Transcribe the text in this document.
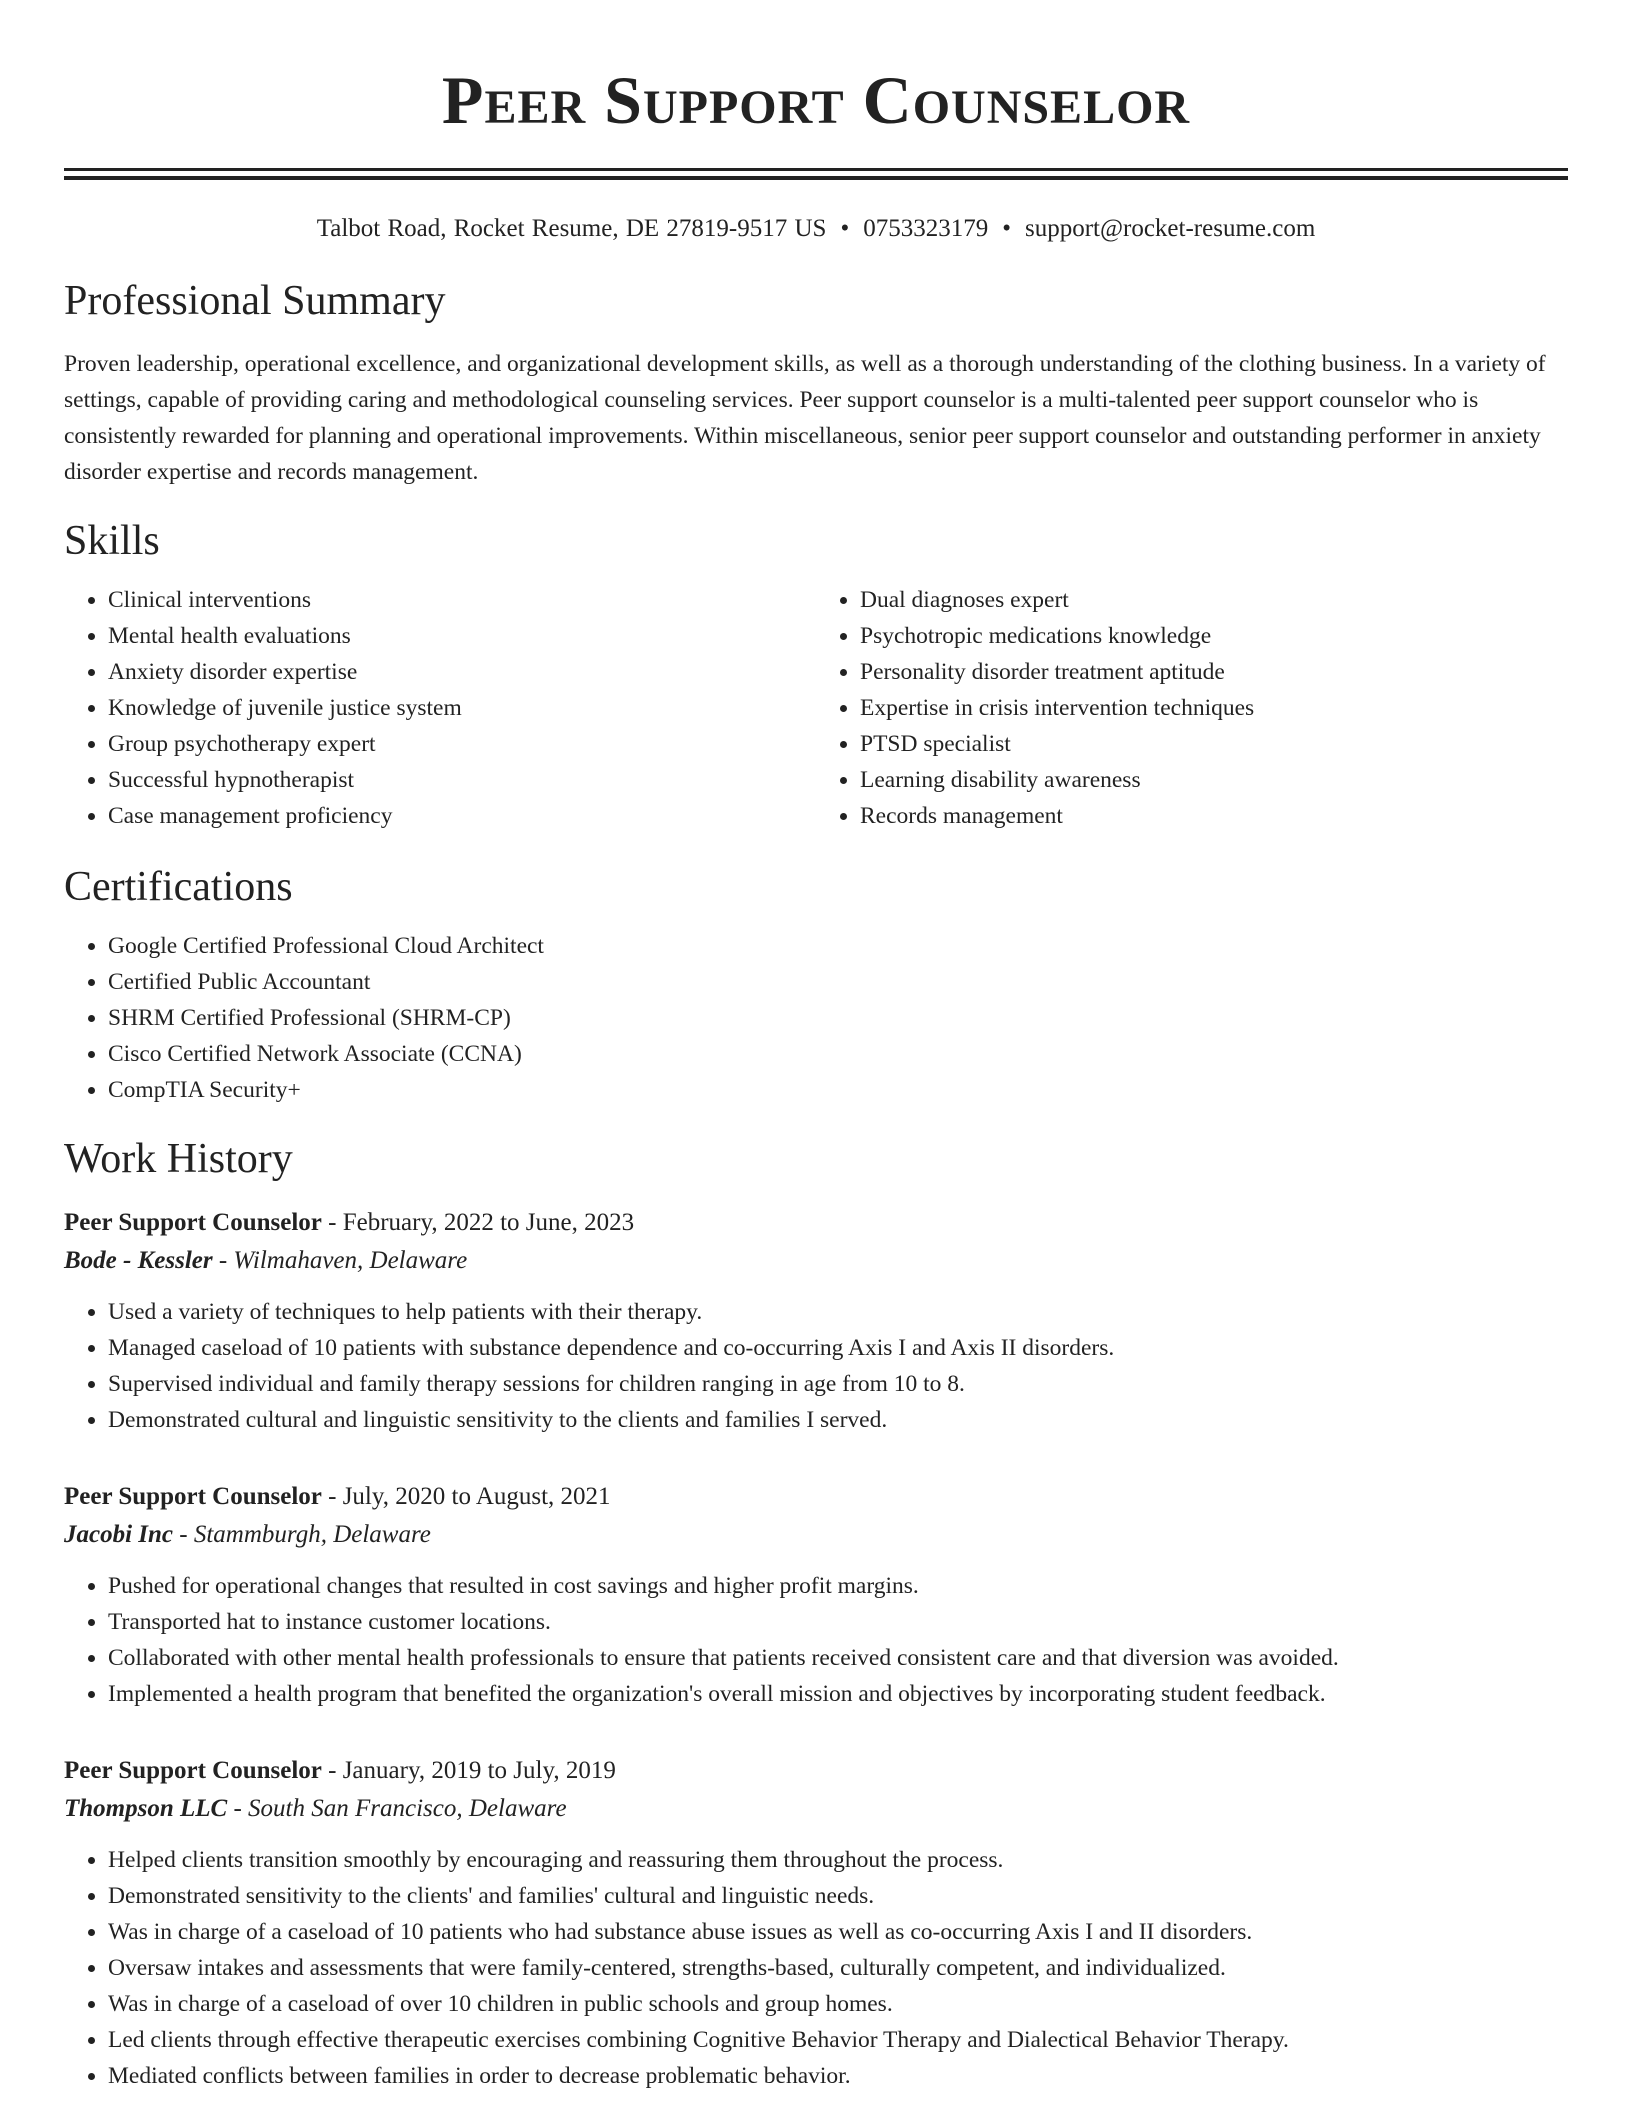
Peer Support Counselor
Talbot Road, Rocket Resume, DE 27819-9517 US • 0753323179 • support@rocket-resume.com
Professional Summary

Proven leadership, operational excellence, and organizational development skills, as well as a thorough understanding of the clothing business. In a variety of settings, capable of providing caring and methodological counseling services. Peer support counselor is a multi-talented peer support counselor who is consistently rewarded for planning and operational improvements. Within miscellaneous, senior peer support counselor and outstanding performer in anxiety disorder expertise and records management.

Skills
• Clinical interventions
• Mental health evaluations
• Anxiety disorder expertise
• Knowledge of juvenile justice system
• Group psychotherapy expert
• Successful hypnotherapist
• Case management proficiency
• Dual diagnoses expert
• Psychotropic medications knowledge
• Personality disorder treatment aptitude
• Expertise in crisis intervention techniques
• PTSD specialist
• Learning disability awareness
• Records management
Certifications
• Google Certified Professional Cloud Architect
• Certified Public Accountant
• SHRM Certified Professional (SHRM-CP)
• Cisco Certified Network Associate (CCNA)
• CompTIA Security+
Work History
Peer Support Counselor - February, 2022 to June, 2023
Bode - Kessler - Wilmahaven, Delaware
• Used a variety of techniques to help patients with their therapy.
• Managed caseload of 10 patients with substance dependence and co-occurring Axis I and Axis II disorders.
• Supervised individual and family therapy sessions for children ranging in age from 10 to 8.
• Demonstrated cultural and linguistic sensitivity to the clients and families I served.
Peer Support Counselor - July, 2020 to August, 2021
Jacobi Inc - Stammburgh, Delaware
• Pushed for operational changes that resulted in cost savings and higher profit margins.
• Transported hat to instance customer locations.
• Collaborated with other mental health professionals to ensure that patients received consistent care and that diversion was avoided.
• Implemented a health program that benefited the organization's overall mission and objectives by incorporating student feedback.
Peer Support Counselor - January, 2019 to July, 2019
Thompson LLC - South San Francisco, Delaware
• Helped clients transition smoothly by encouraging and reassuring them throughout the process.
• Demonstrated sensitivity to the clients' and families' cultural and linguistic needs.
• Was in charge of a caseload of 10 patients who had substance abuse issues as well as co-occurring Axis I and II disorders.
• Oversaw intakes and assessments that were family-centered, strengths-based, culturally competent, and individualized.
• Was in charge of a caseload of over 10 children in public schools and group homes.
• Led clients through effective therapeutic exercises combining Cognitive Behavior Therapy and Dialectical Behavior Therapy.
• Mediated conflicts between families in order to decrease problematic behavior.
